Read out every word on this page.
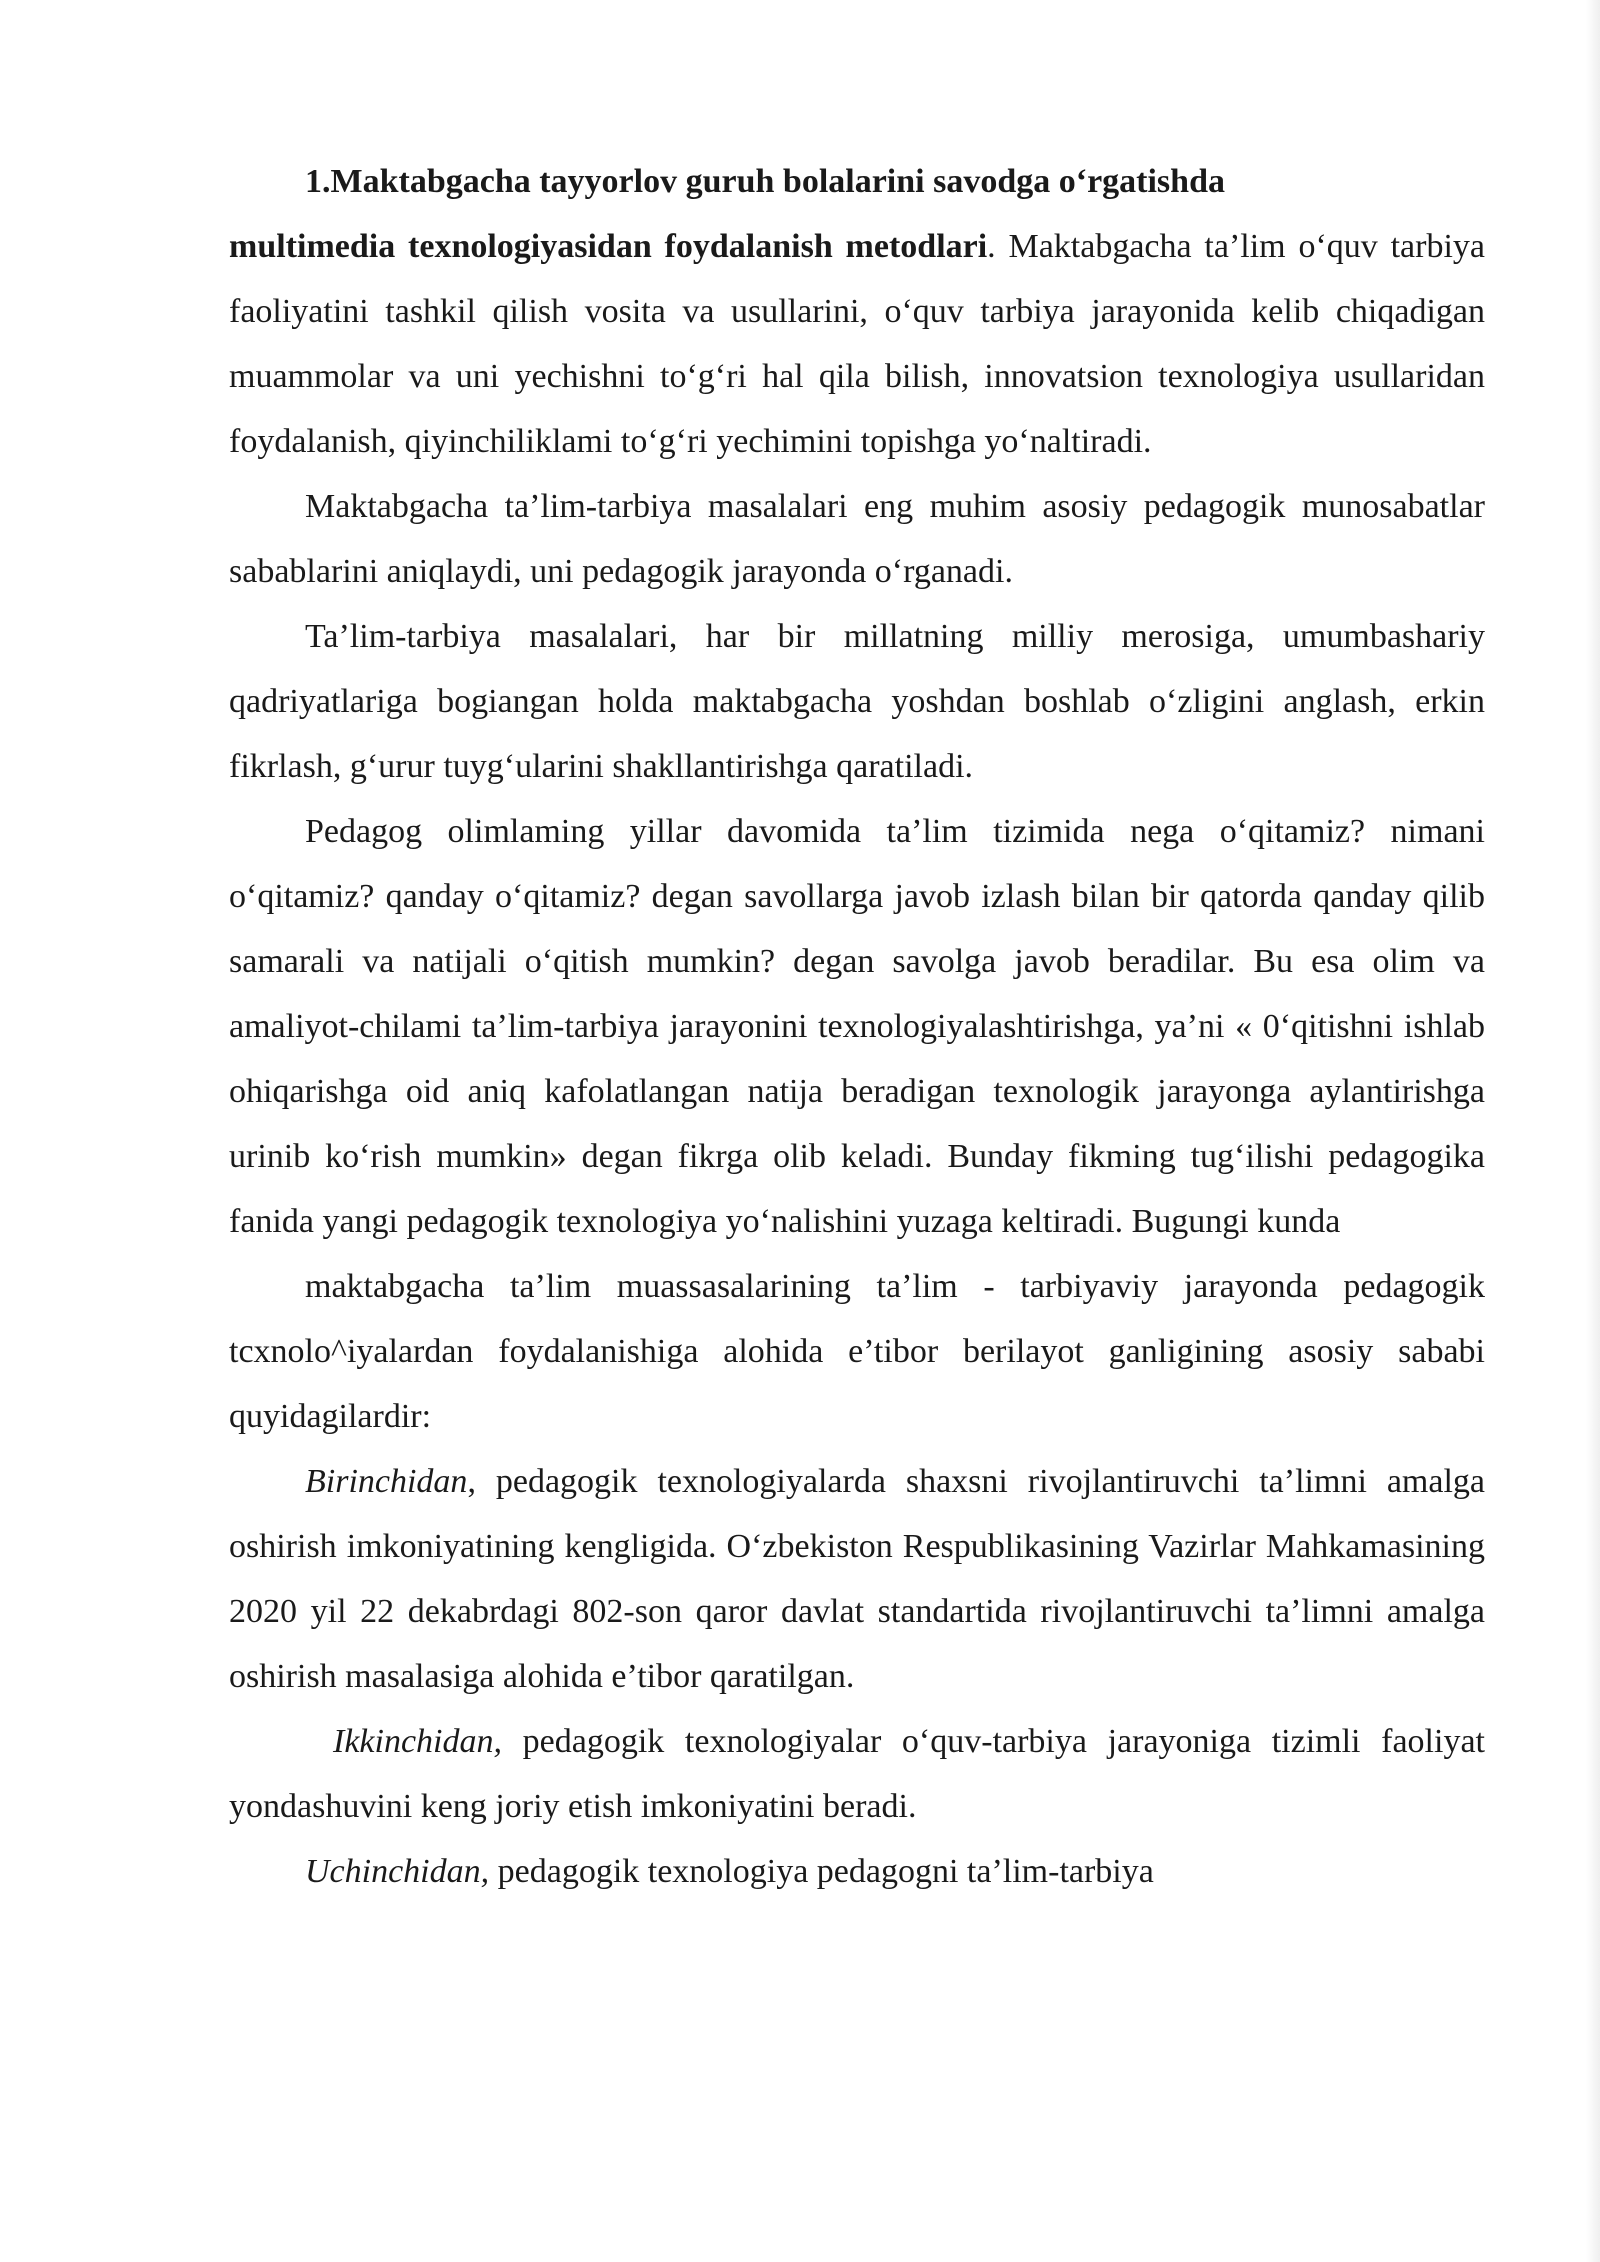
1.Maktabgacha tayyorlov guruh bolalarini savodga o‘rgatishda
multimedia texnologiyasidan foydalanish metodlari. Maktabgacha ta’lim o‘quv tarbiya faoliyatini tashkil qilish vosita va usullarini, o‘quv tarbiya jarayonida kelib chiqadigan muammolar va uni yechishni to‘g‘ri hal qila bilish, innovatsion texnologiya usullaridan foydalanish, qiyinchiliklami to‘g‘ri yechimini topishga yo‘naltiradi.

Maktabgacha ta’lim-tarbiya masalalari eng muhim asosiy pedagogik munosabatlar sabablarini aniqlaydi, uni pedagogik jarayonda o‘rganadi.

Ta’lim-tarbiya masalalari, har bir millatning milliy merosiga, umumbashariy qadriyatlariga bogiangan holda maktabgacha yoshdan boshlab o‘zligini anglash, erkin fikrlash, g‘urur tuyg‘ularini shakllantirishga qaratiladi.

Pedagog olimlaming yillar davomida ta’lim tizimida nega o‘qitamiz? nimani o‘qitamiz? qanday o‘qitamiz? degan savollarga javob izlash bilan bir qatorda qanday qilib samarali va natijali o‘qitish mumkin? degan savolga javob beradilar. Bu esa olim va amaliyot-chilami ta’lim-tarbiya jarayonini texnologiyalashtirishga, ya’ni « 0‘qitishni ishlab ohiqarishga oid aniq kafolatlangan natija beradigan texnologik jarayonga aylantirishga urinib ko‘rish mumkin» degan fikrga olib keladi. Bunday fikming tug‘ilishi pedagogika fanida yangi pedagogik texnologiya yo‘nalishini yuzaga keltiradi. Bugungi kunda

maktabgacha ta’lim muassasalarining ta’lim - tarbiyaviy jarayonda pedagogik tcxnolo^iyalardan foydalanishiga alohida e’tibor berilayot ganligining asosiy sababi quyidagilardir:

Birinchidan, pedagogik texnologiyalarda shaxsni rivojlantiruvchi ta’limni amalga oshirish imkoniyatining kengligida. O‘zbekiston Respublikasining Vazirlar Mahkamasining 2020 yil 22 dekabrdagi 802-son qaror davlat standartida rivojlantiruvchi ta’limni amalga oshirish masalasiga alohida e’tibor qaratilgan.

Ikkinchidan, pedagogik texnologiyalar o‘quv-tarbiya jarayoniga tizimli faoliyat yondashuvini keng joriy etish imkoniyatini beradi.

Uchinchidan, pedagogik texnologiya pedagogni ta’lim-tarbiya
